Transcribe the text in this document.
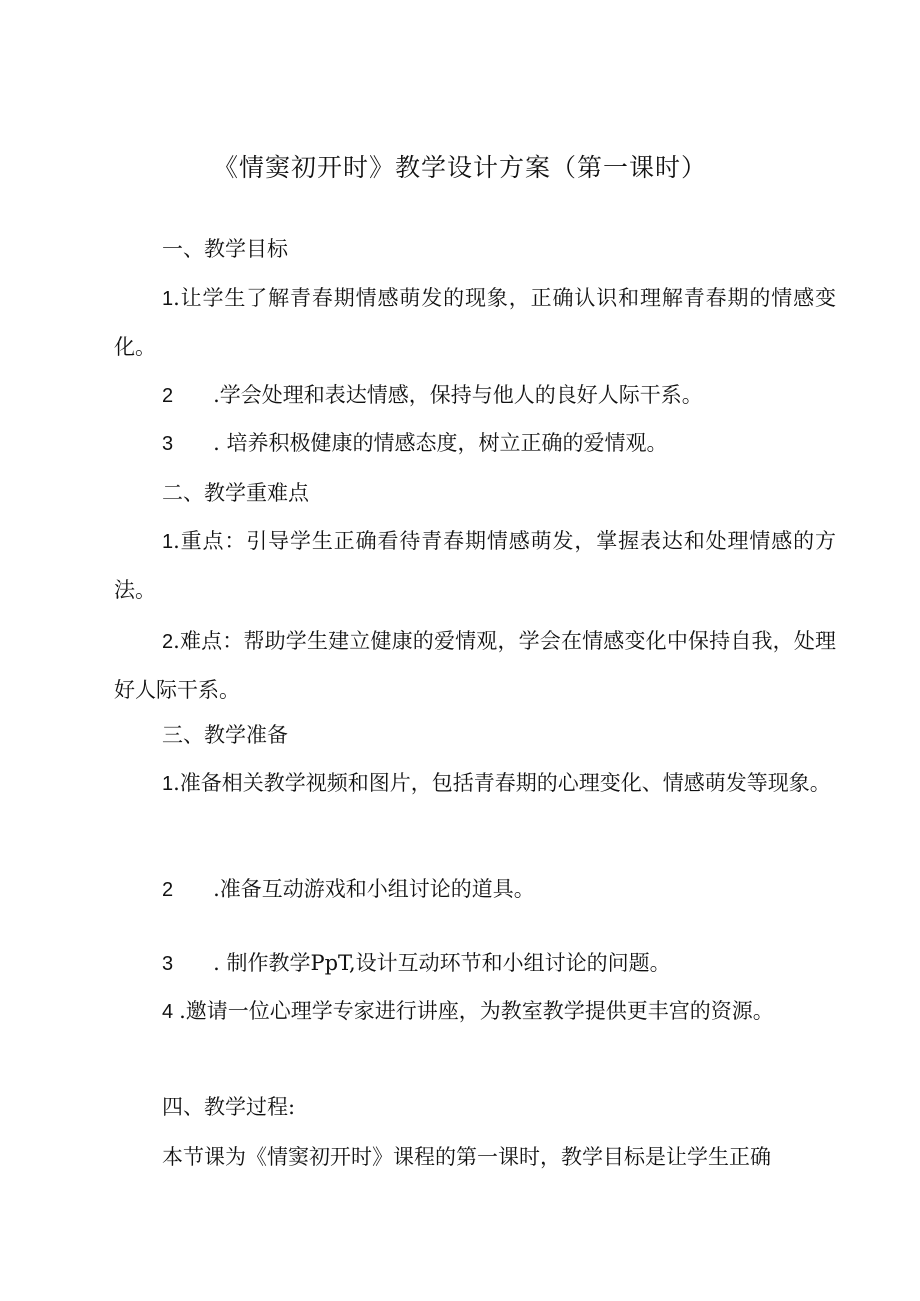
《情窦初开时》教学设计方案（第一课时）
一、教学目标
1.让学生了解青春期情感萌发的现象，正确认识和理解青春期的情感变化。
2 .学会处理和表达情感，保持与他人的良好人际干系。
3 . 培养积极健康的情感态度，树立正确的爱情观。
二、教学重难点
1.重点：引导学生正确看待青春期情感萌发，掌握表达和处理情感的方法。
2.难点：帮助学生建立健康的爱情观，学会在情感变化中保持自我，处理好人际干系。
三、教学准备
1.准备相关教学视频和图片，包括青春期的心理变化、情感萌发等现象。
2 .准备互动游戏和小组讨论的道具。
3 . 制作教学PpT,设计互动环节和小组讨论的问题。
4 .邀请一位心理学专家进行讲座，为教室教学提供更丰宫的资源。
四、教学过程:
本节课为《情窦初开时》课程的第一课时，教学目标是让学生正确
